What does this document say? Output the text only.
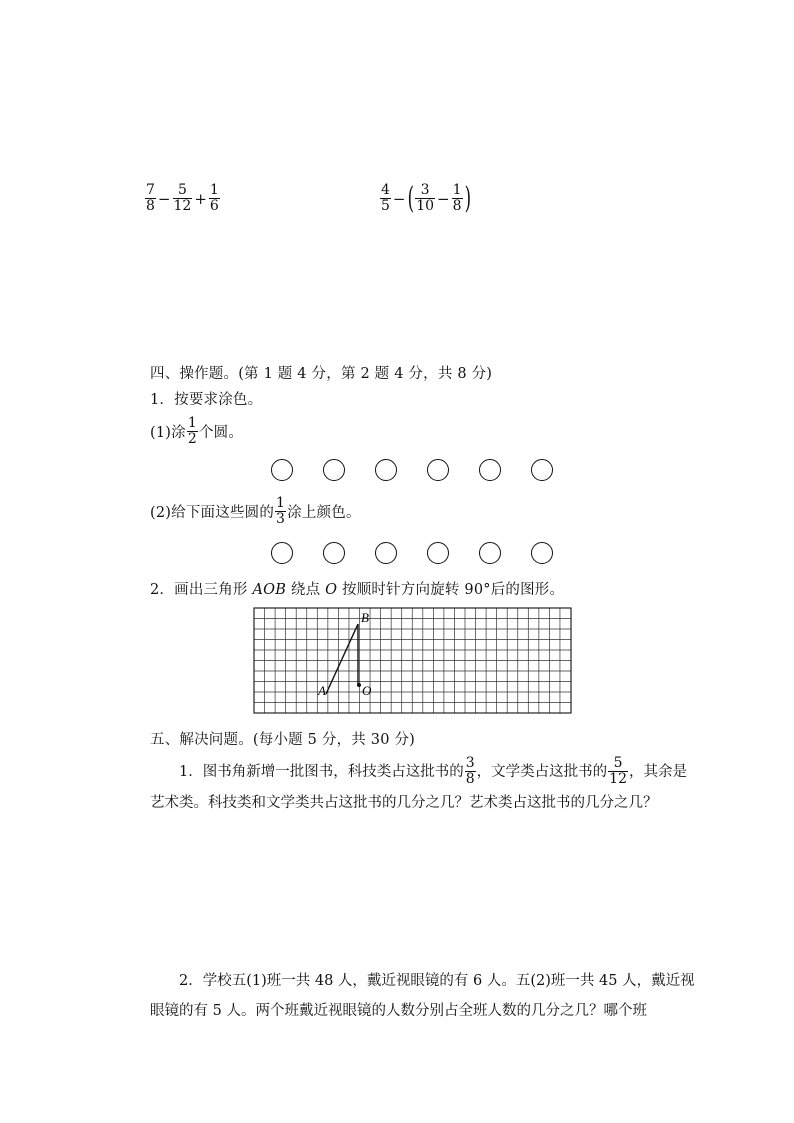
$\frac{7}{8} - \frac{5}{12} + \frac{1}{6}$	$\frac{4}{5}$ − ( $\frac{3}{10} - \frac{1}{8}$ )
四、操作题。(第 1 题 4 分，第 2 题 4 分，共 8 分)
1．按要求涂色。
(1)涂 $\frac{1}{2}$ 个圆。
(2)给下面这些圆的 $\frac{1}{3}$ 涂上颜色。
2．画出三角形 AOB 绕点 O 按顺时针方向旋转 90°后的图形。
A
B
O
五、解决问题。(每小题 5 分，共 30 分)
1．图书角新增一批图书，科技类占这批书的 $\frac{3}{8}$ ，文学类占这批书的 $\frac{5}{12}$ ，其余是艺术类。科技类和文学类共占这批书的几分之几？艺术类占这批书的几分之几？
2．学校五(1)班一共 48 人，戴近视眼镜的有 6 人。五(2)班一共 45 人，戴近视眼镜的有 5 人。两个班戴近视眼镜的人数分别占全班人数的几分之几？哪个班
